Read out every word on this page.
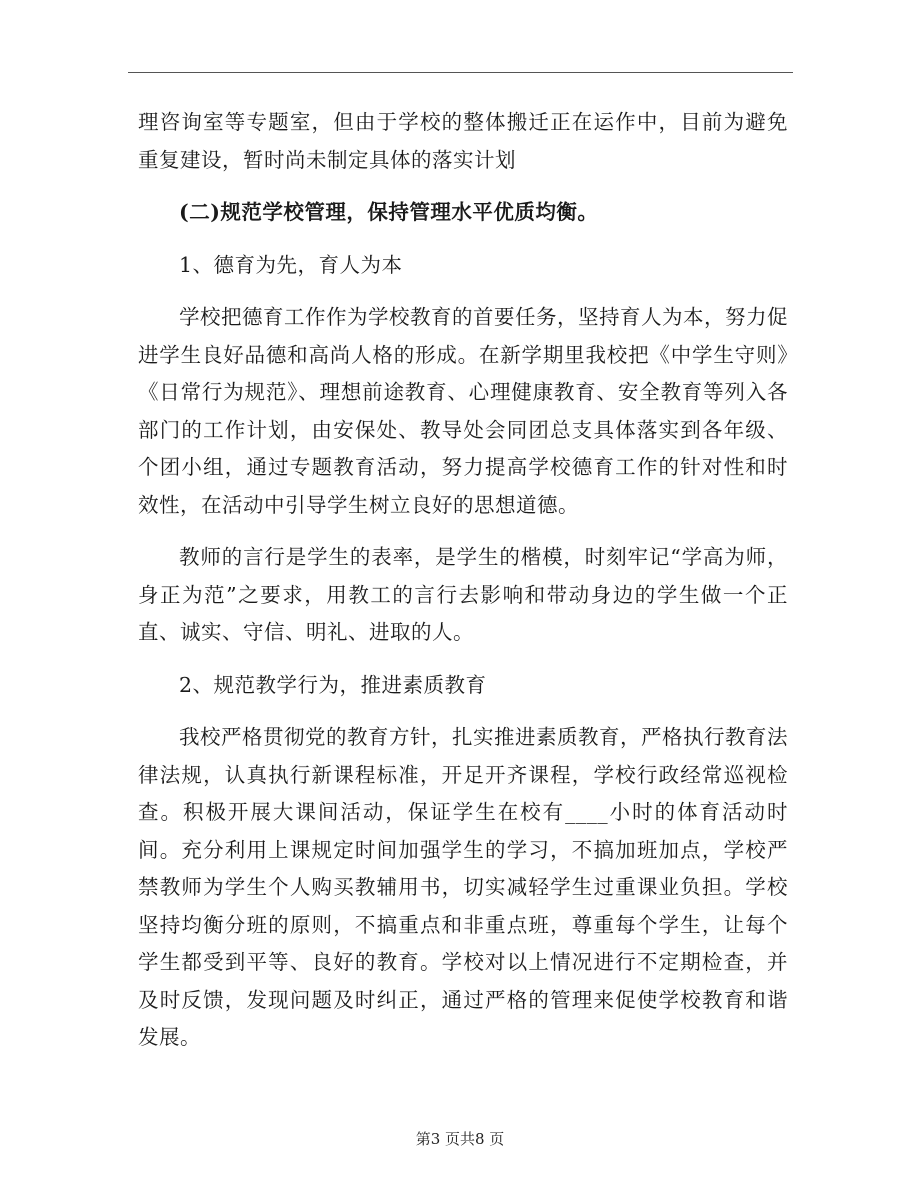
理咨询室等专题室，但由于学校的整体搬迁正在运作中，目前为避免重复建设，暂时尚未制定具体的落实计划

(二)规范学校管理，保持管理水平优质均衡。

1、德育为先，育人为本

学校把德育工作作为学校教育的首要任务，坚持育人为本，努力促进学生良好品德和高尚人格的形成。在新学期里我校把《中学生守则》《日常行为规范》、理想前途教育、心理健康教育、安全教育等列入各部门的工作计划，由安保处、教导处会同团总支具体落实到各年级、个团小组，通过专题教育活动，努力提高学校德育工作的针对性和时效性，在活动中引导学生树立良好的思想道德。

教师的言行是学生的表率，是学生的楷模，时刻牢记“学高为师，身正为范”之要求，用教工的言行去影响和带动身边的学生做一个正直、诚实、守信、明礼、进取的人。

2、规范教学行为，推进素质教育

我校严格贯彻党的教育方针，扎实推进素质教育，严格执行教育法律法规，认真执行新课程标准，开足开齐课程，学校行政经常巡视检查。积极开展大课间活动，保证学生在校有____小时的体育活动时间。充分利用上课规定时间加强学生的学习，不搞加班加点，学校严禁教师为学生个人购买教辅用书，切实减轻学生过重课业负担。学校坚持均衡分班的原则，不搞重点和非重点班，尊重每个学生，让每个学生都受到平等、良好的教育。学校对以上情况进行不定期检查，并及时反馈，发现问题及时纠正，通过严格的管理来促使学校教育和谐发展。

第3 页共8 页
